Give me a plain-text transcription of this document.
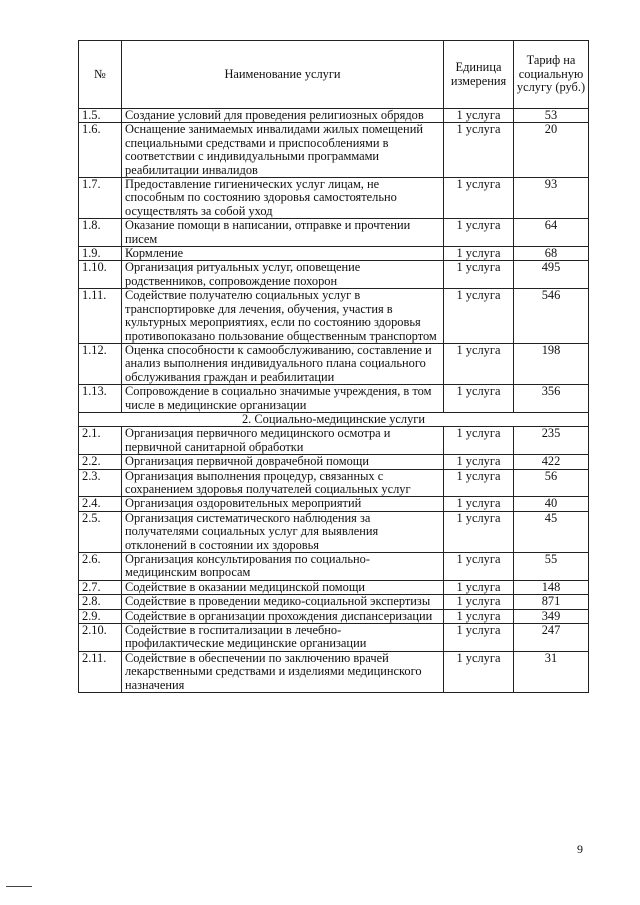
№	Наименование услуги	Единица измерения	Тариф на социальную услугу (руб.)
1.5.	Создание условий для проведения религиозных обрядов	1 услуга	53
1.6.	Оснащение занимаемых инвалидами жилых помещений специальными средствами и приспособлениями в соответствии с индивидуальными программами реабилитации инвалидов	1 услуга	20
1.7.	Предоставление гигиенических услуг лицам, не способным по состоянию здоровья самостоятельно осуществлять за собой уход	1 услуга	93
1.8.	Оказание помощи в написании, отправке и прочтении писем	1 услуга	64
1.9.	Кормление	1 услуга	68
1.10.	Организация ритуальных услуг, оповещение родственников, сопровождение похорон	1 услуга	495
1.11.	Содействие получателю социальных услуг в транспортировке для лечения, обучения, участия в культурных мероприятиях, если по состоянию здоровья противопоказано пользование общественным транспортом	1 услуга	546
1.12.	Оценка способности к самообслуживанию, составление и анализ выполнения индивидуального плана социального обслуживания граждан и реабилитации	1 услуга	198
1.13.	Сопровождение в социально значимые учреждения, в том числе в медицинские организации	1 услуга	356
2. Социально-медицинские услуги			
2.1.	Организация первичного медицинского осмотра и первичной санитарной обработки	1 услуга	235
2.2.	Организация первичной доврачебной помощи	1 услуга	422
2.3.	Организация выполнения процедур, связанных с сохранением здоровья получателей социальных услуг	1 услуга	56
2.4.	Организация оздоровительных мероприятий	1 услуга	40
2.5.	Организация систематического наблюдения за получателями социальных услуг для выявления отклонений в состоянии их здоровья	1 услуга	45
2.6.	Организация консультирования по социально-медицинским вопросам	1 услуга	55
2.7.	Содействие в оказании медицинской помощи	1 услуга	148
2.8.	Содействие в проведении медико-социальной экспертизы	1 услуга	871
2.9.	Содействие в организации прохождения диспансеризации	1 услуга	349
2.10.	Содействие в госпитализации в лечебно-профилактические медицинские организации	1 услуга	247
2.11.	Содействие в обеспечении по заключению врачей лекарственными средствами и изделиями медицинского назначения	1 услуга	31
9
